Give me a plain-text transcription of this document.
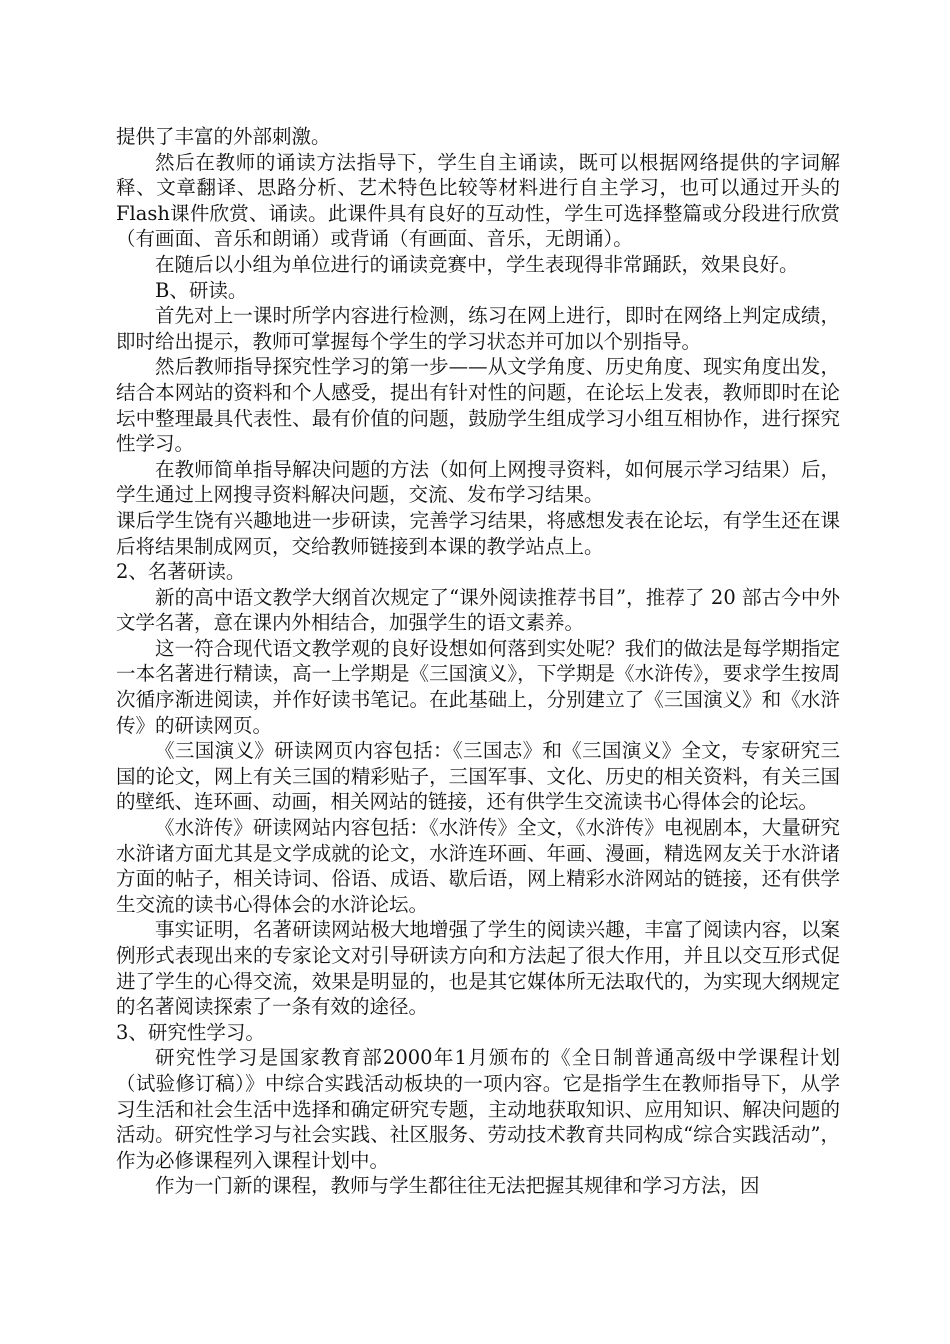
提供了丰富的外部刺激。

然后在教师的诵读方法指导下，学生自主诵读，既可以根据网络提供的字词解释、文章翻译、思路分析、艺术特色比较等材料进行自主学习，也可以通过开头的Flash课件欣赏、诵读。此课件具有良好的互动性，学生可选择整篇或分段进行欣赏（有画面、音乐和朗诵）或背诵（有画面、音乐，无朗诵）。

在随后以小组为单位进行的诵读竞赛中，学生表现得非常踊跃，效果良好。

B、研读。

首先对上一课时所学内容进行检测，练习在网上进行，即时在网络上判定成绩，即时给出提示，教师可掌握每个学生的学习状态并可加以个别指导。

然后教师指导探究性学习的第一步——从文学角度、历史角度、现实角度出发，结合本网站的资料和个人感受，提出有针对性的问题，在论坛上发表，教师即时在论坛中整理最具代表性、最有价值的问题，鼓励学生组成学习小组互相协作，进行探究性学习。

在教师简单指导解决问题的方法（如何上网搜寻资料，如何展示学习结果）后，学生通过上网搜寻资料解决问题，交流、发布学习结果。

课后学生饶有兴趣地进一步研读，完善学习结果，将感想发表在论坛，有学生还在课后将结果制成网页，交给教师链接到本课的教学站点上。

2、名著研读。

新的高中语文教学大纲首次规定了“课外阅读推荐书目”，推荐了 20 部古今中外文学名著，意在课内外相结合，加强学生的语文素养。

这一符合现代语文教学观的良好设想如何落到实处呢？我们的做法是每学期指定一本名著进行精读，高一上学期是《三国演义》，下学期是《水浒传》，要求学生按周次循序渐进阅读，并作好读书笔记。在此基础上，分别建立了《三国演义》和《水浒传》的研读网页。

《三国演义》研读网页内容包括：《三国志》和《三国演义》全文，专家研究三国的论文，网上有关三国的精彩贴子，三国军事、文化、历史的相关资料，有关三国的壁纸、连环画、动画，相关网站的链接，还有供学生交流读书心得体会的论坛。

《水浒传》研读网站内容包括：《水浒传》全文，《水浒传》电视剧本，大量研究水浒诸方面尤其是文学成就的论文，水浒连环画、年画、漫画，精选网友关于水浒诸方面的帖子，相关诗词、俗语、成语、歇后语，网上精彩水浒网站的链接，还有供学生交流的读书心得体会的水浒论坛。

事实证明，名著研读网站极大地增强了学生的阅读兴趣，丰富了阅读内容，以案例形式表现出来的专家论文对引导研读方向和方法起了很大作用，并且以交互形式促进了学生的心得交流，效果是明显的，也是其它媒体所无法取代的，为实现大纲规定的名著阅读探索了一条有效的途径。

3、研究性学习。

研究性学习是国家教育部2000年1月颁布的《全日制普通高级中学课程计划（试验修订稿）》中综合实践活动板块的一项内容。它是指学生在教师指导下，从学习生活和社会生活中选择和确定研究专题，主动地获取知识、应用知识、解决问题的活动。研究性学习与社会实践、社区服务、劳动技术教育共同构成“综合实践活动”，作为必修课程列入课程计划中。

作为一门新的课程，教师与学生都往往无法把握其规律和学习方法，因
